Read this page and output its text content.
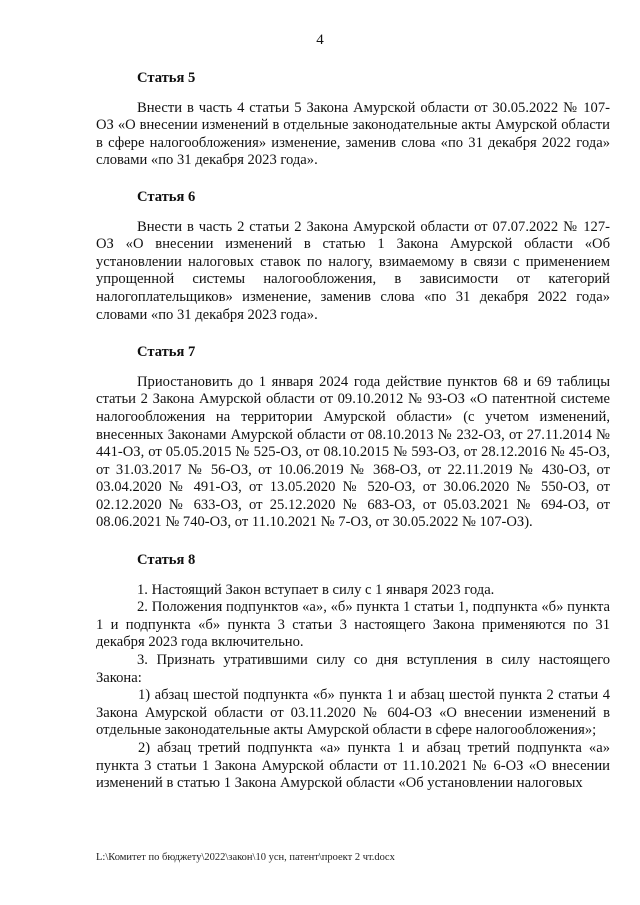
4
Статья 5

Внести в часть 4 статьи 5 Закона Амурской области от 30.05.2022 № 107-ОЗ «О внесении изменений в отдельные законодательные акты Амурской области в сфере налогообложения» изменение, заменив слова «по 31 декабря 2022 года» словами «по 31 декабря 2023 года».

Статья 6

Внести в часть 2 статьи 2 Закона Амурской области от 07.07.2022 № 127-ОЗ «О внесении изменений в статью 1 Закона Амурской области «Об установлении налоговых ставок по налогу, взимаемому в связи с применением упрощенной системы налогообложения, в зависимости от категорий налогоплательщиков» изменение, заменив слова «по 31 декабря 2022 года» словами «по 31 декабря 2023 года».

Статья 7

Приостановить до 1 января 2024 года действие пунктов 68 и 69 таблицы статьи 2 Закона Амурской области от 09.10.2012 № 93-ОЗ «О патентной системе налогообложения на территории Амурской области» (с учетом изменений, внесенных Законами Амурской области от 08.10.2013 № 232-ОЗ, от 27.11.2014 № 441-ОЗ, от 05.05.2015 № 525-ОЗ, от 08.10.2015 № 593-ОЗ, от 28.12.2016 № 45-ОЗ, от 31.03.2017 № 56-ОЗ, от 10.06.2019 № 368-ОЗ, от 22.11.2019 № 430-ОЗ, от 03.04.2020 № 491-ОЗ, от 13.05.2020 № 520-ОЗ, от 30.06.2020 № 550-ОЗ, от 02.12.2020 № 633-ОЗ, от 25.12.2020 № 683-ОЗ, от 05.03.2021 № 694-ОЗ, от 08.06.2021 № 740-ОЗ, от 11.10.2021 № 7-ОЗ, от 30.05.2022 № 107-ОЗ).

Статья 8

1. Настоящий Закон вступает в силу с 1 января 2023 года.

2. Положения подпунктов «а», «б» пункта 1 статьи 1, подпункта «б» пункта 1 и подпункта «б» пункта 3 статьи 3 настоящего Закона применяются по 31 декабря 2023 года включительно.

3. Признать утратившими силу со дня вступления в силу настоящего Закона:

1) абзац шестой подпункта «б» пункта 1 и абзац шестой пункта 2 статьи 4 Закона Амурской области от 03.11.2020 № 604-ОЗ «О внесении изменений в отдельные законодательные акты Амурской области в сфере налогообложения»;

2) абзац третий подпункта «а» пункта 1 и абзац третий подпункта «а» пункта 3 статьи 1 Закона Амурской области от 11.10.2021 № 6-ОЗ «О внесении изменений в статью 1 Закона Амурской области «Об установлении налоговых

L:\Комитет по бюджету\2022\закон\10 усн, патент\проект 2 чт.docx
